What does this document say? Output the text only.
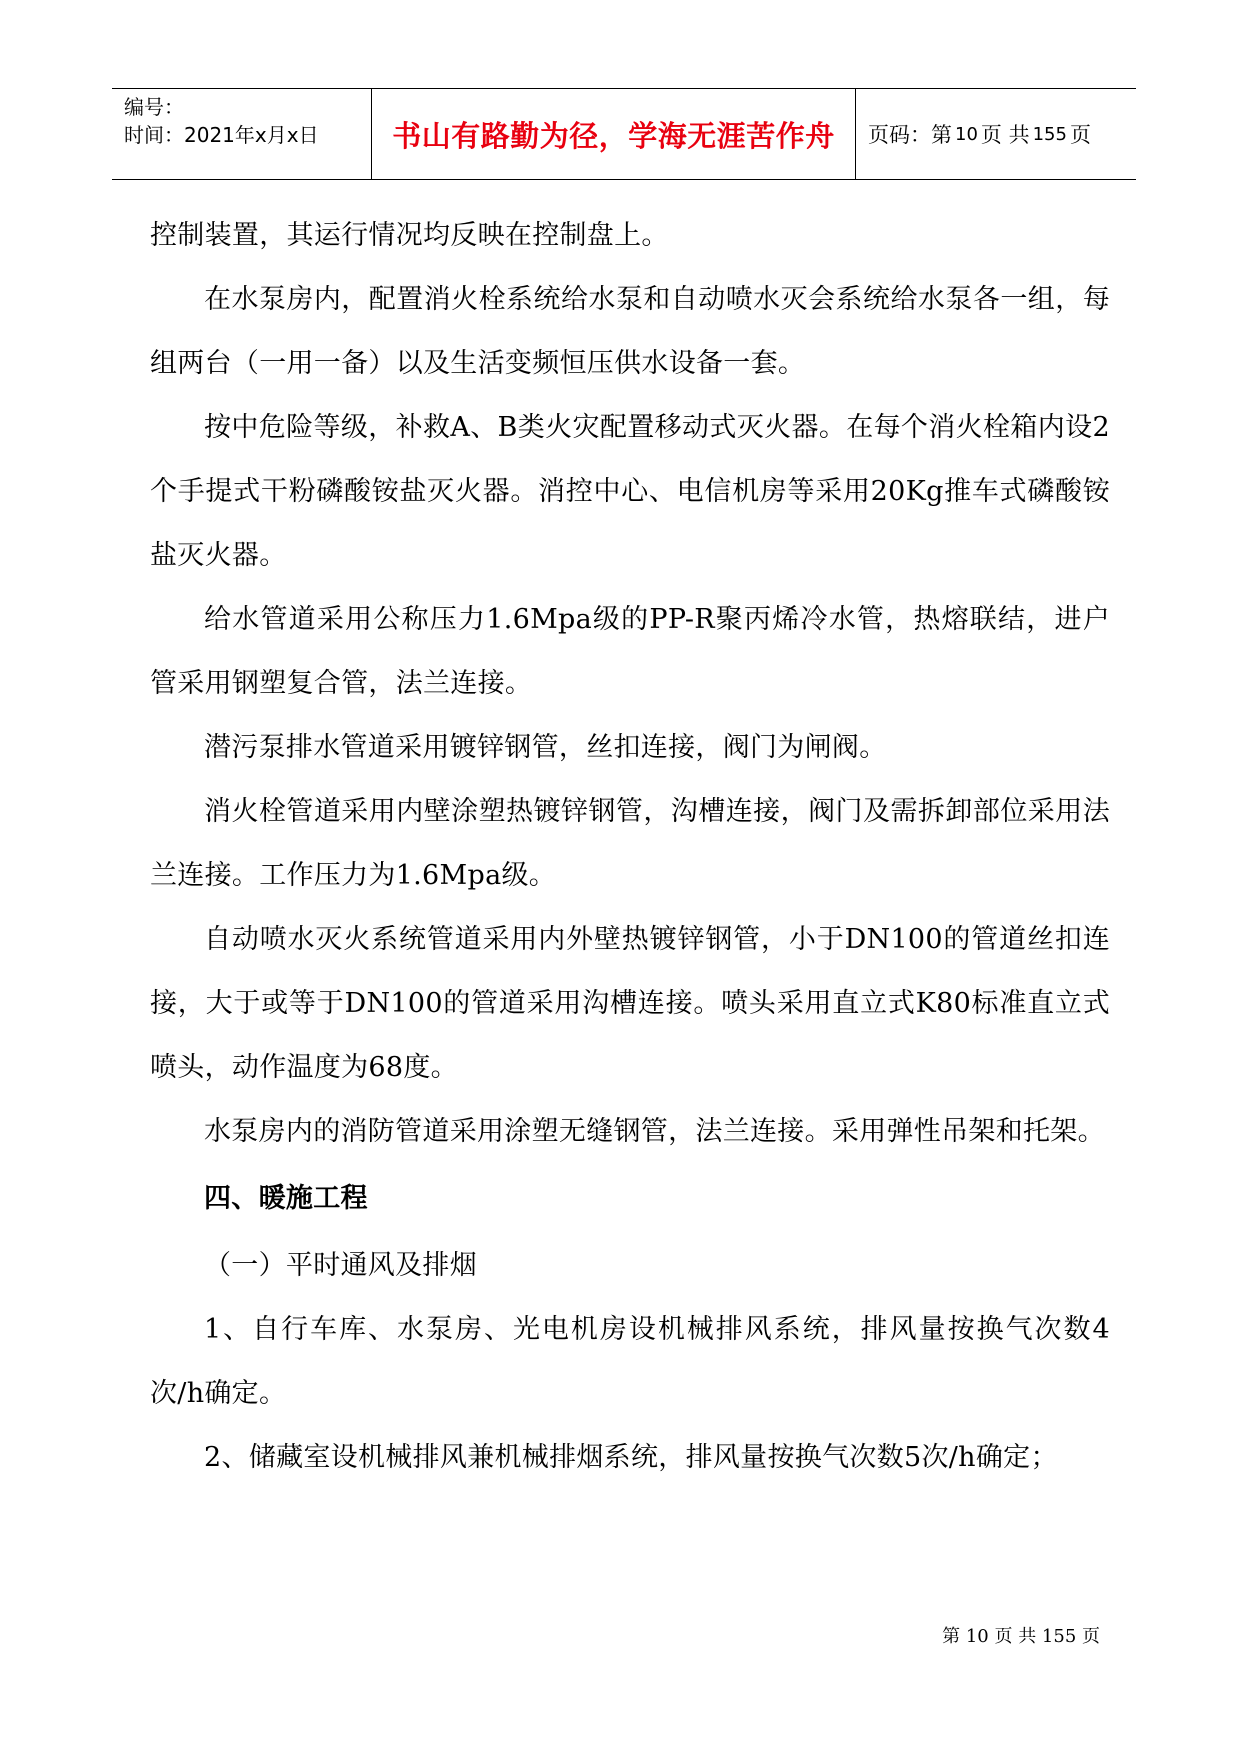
编号：
时间：2021年x月x日	书山有路勤为径，学海无涯苦作舟	页码：第 10 页 共 155 页

控制装置，其运行情况均反映在控制盘上。

在水泵房内，配置消火栓系统给水泵和自动喷水灭会系统给水泵各一组，每组两台（一用一备）以及生活变频恒压供水设备一套。

按中危险等级，补救A、B类火灾配置移动式灭火器。在每个消火栓箱内设2个手提式干粉磷酸铵盐灭火器。消控中心、电信机房等采用20Kg推车式磷酸铵盐灭火器。

给水管道采用公称压力1.6Mpa级的PP-R聚丙烯冷水管，热熔联结，进户管采用钢塑复合管，法兰连接。

潜污泵排水管道采用镀锌钢管，丝扣连接，阀门为闸阀。

消火栓管道采用内壁涂塑热镀锌钢管，沟槽连接，阀门及需拆卸部位采用法兰连接。工作压力为1.6Mpa级。

自动喷水灭火系统管道采用内外壁热镀锌钢管，小于DN100的管道丝扣连接，大于或等于DN100的管道采用沟槽连接。喷头采用直立式K80标准直立式喷头，动作温度为68度。

水泵房内的消防管道采用涂塑无缝钢管，法兰连接。采用弹性吊架和托架。

四、暖施工程

（一）平时通风及排烟

1、自行车库、水泵房、光电机房设机械排风系统，排风量按换气次数4次/h确定。

2、储藏室设机械排风兼机械排烟系统，排风量按换气次数5次/h确定；

第 10 页 共 155 页
